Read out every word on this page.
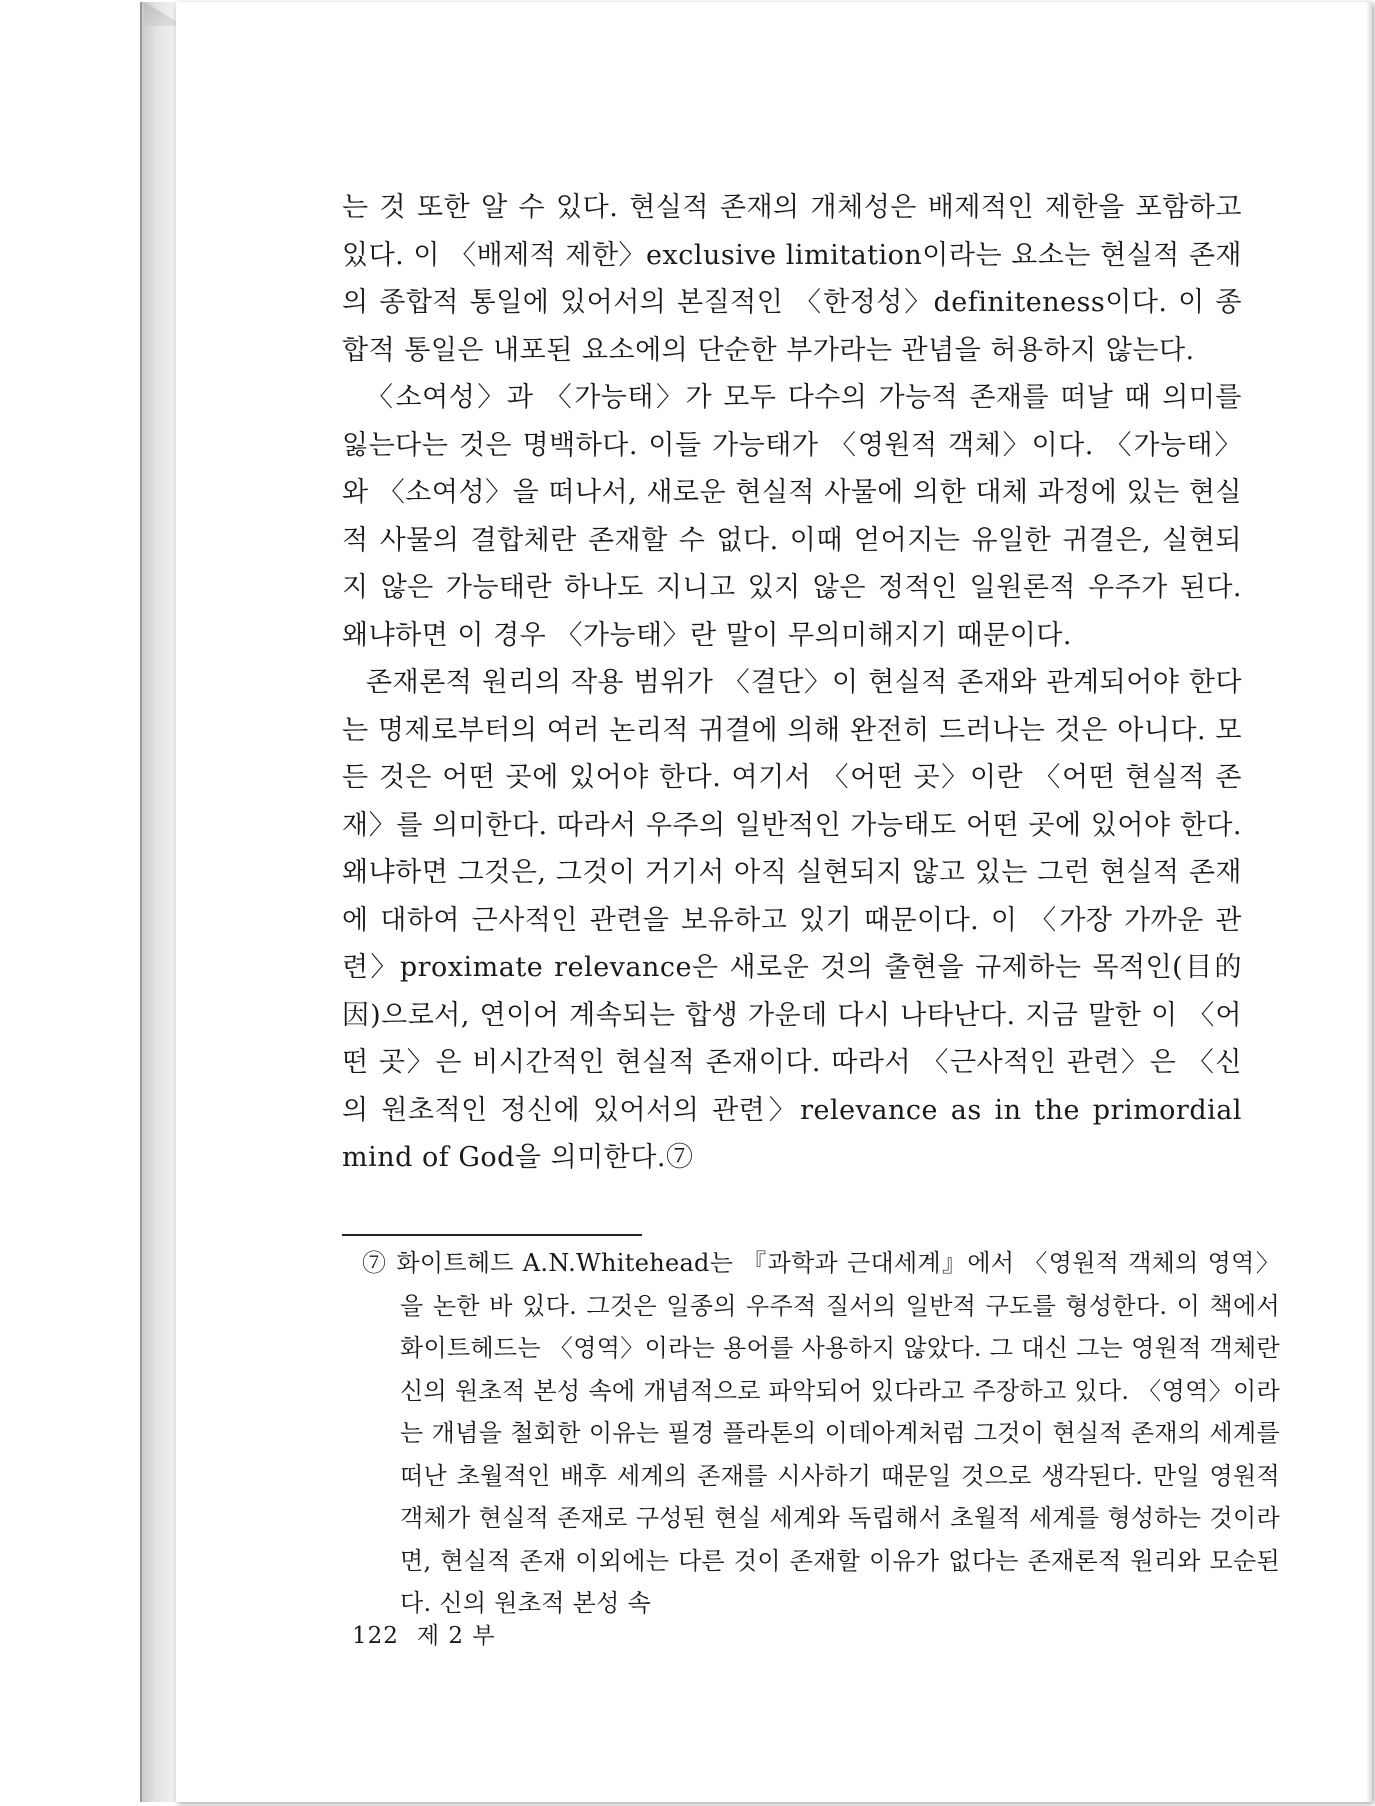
는 것 또한 알 수 있다. 현실적 존재의 개체성은 배제적인 제한을 포함하고 있다. 이 〈배제적 제한〉exclusive limitation이라는 요소는 현실적 존재의 종합적 통일에 있어서의 본질적인 〈한정성〉definiteness이다. 이 종합적 통일은 내포된 요소에의 단순한 부가라는 관념을 허용하지 않는다.

〈소여성〉과 〈가능태〉가 모두 다수의 가능적 존재를 떠날 때 의미를 잃는다는 것은 명백하다. 이들 가능태가 〈영원적 객체〉이다. 〈가능태〉와 〈소여성〉을 떠나서, 새로운 현실적 사물에 의한 대체 과정에 있는 현실적 사물의 결합체란 존재할 수 없다. 이때 얻어지는 유일한 귀결은, 실현되지 않은 가능태란 하나도 지니고 있지 않은 정적인 일원론적 우주가 된다. 왜냐하면 이 경우 〈가능태〉란 말이 무의미해지기 때문이다.

존재론적 원리의 작용 범위가 〈결단〉이 현실적 존재와 관계되어야 한다는 명제로부터의 여러 논리적 귀결에 의해 완전히 드러나는 것은 아니다. 모든 것은 어떤 곳에 있어야 한다. 여기서 〈어떤 곳〉이란 〈어떤 현실적 존재〉를 의미한다. 따라서 우주의 일반적인 가능태도 어떤 곳에 있어야 한다. 왜냐하면 그것은, 그것이 거기서 아직 실현되지 않고 있는 그런 현실적 존재에 대하여 근사적인 관련을 보유하고 있기 때문이다. 이 〈가장 가까운 관련〉proximate relevance은 새로운 것의 출현을 규제하는 목적인(目的因)으로서, 연이어 계속되는 합생 가운데 다시 나타난다. 지금 말한 이 〈어떤 곳〉은 비시간적인 현실적 존재이다. 따라서 〈근사적인 관련〉은 〈신의 원초적인 정신에 있어서의 관련〉relevance as in the primordial mind of God을 의미한다.⑦

⑦ 화이트헤드 A.N.Whitehead는 『과학과 근대세계』에서 〈영원적 객체의 영역〉을 논한 바 있다. 그것은 일종의 우주적 질서의 일반적 구도를 형성한다. 이 책에서 화이트헤드는 〈영역〉이라는 용어를 사용하지 않았다. 그 대신 그는 영원적 객체란 신의 원초적 본성 속에 개념적으로 파악되어 있다라고 주장하고 있다. 〈영역〉이라는 개념을 철회한 이유는 필경 플라톤의 이데아계처럼 그것이 현실적 존재의 세계를 떠난 초월적인 배후 세계의 존재를 시사하기 때문일 것으로 생각된다. 만일 영원적 객체가 현실적 존재로 구성된 현실 세계와 독립해서 초월적 세계를 형성하는 것이라면, 현실적 존재 이외에는 다른 것이 존재할 이유가 없다는 존재론적 원리와 모순된다. 신의 원초적 본성 속

122 제 2 부
